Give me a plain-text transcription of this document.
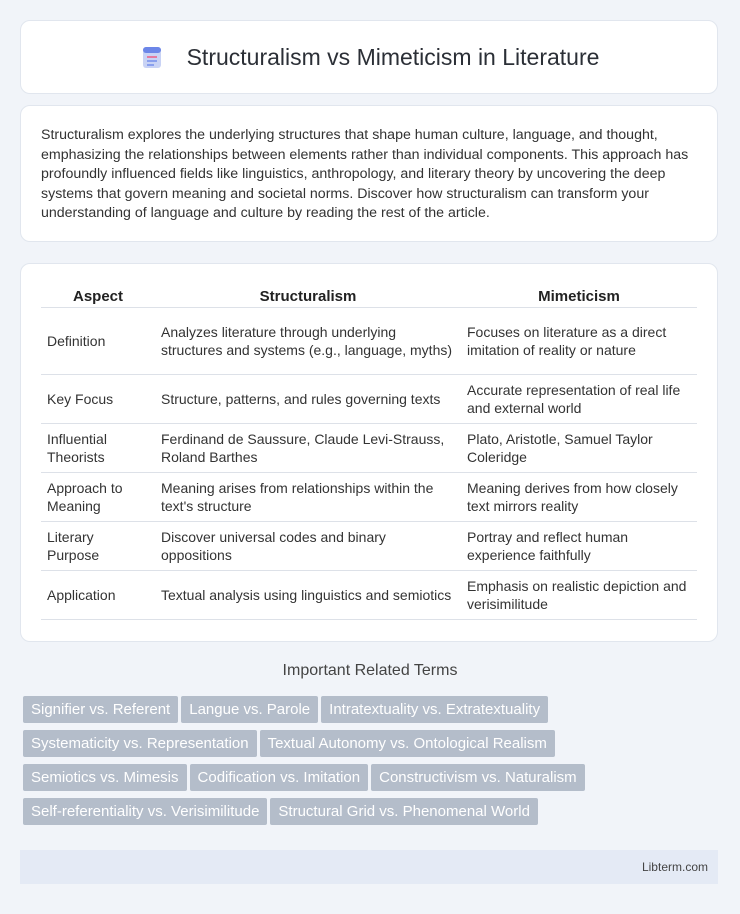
Structuralism vs Mimeticism in Literature

Structuralism explores the underlying structures that shape human culture, language, and thought, emphasizing the relationships between elements rather than individual components. This approach has profoundly influenced fields like linguistics, anthropology, and literary theory by uncovering the deep systems that govern meaning and societal norms. Discover how structuralism can transform your understanding of language and culture by reading the rest of the article.

Aspect	Structuralism	Mimeticism
Definition	Analyzes literature through underlying structures and systems (e.g., language, myths)	Focuses on literature as a direct imitation of reality or nature
Key Focus	Structure, patterns, and rules governing texts	Accurate representation of real life and external world
Influential Theorists	Ferdinand de Saussure, Claude Levi-Strauss, Roland Barthes	Plato, Aristotle, Samuel Taylor Coleridge
Approach to Meaning	Meaning arises from relationships within the text's structure	Meaning derives from how closely text mirrors reality
Literary Purpose	Discover universal codes and binary oppositions	Portray and reflect human experience faithfully
Application	Textual analysis using linguistics and semiotics	Emphasis on realistic depiction and verisimilitude
Important Related Terms
Signifier vs. Referent Langue vs. Parole Intratextuality vs. Extratextuality
Systematicity vs. Representation Textual Autonomy vs. Ontological Realism
Semiotics vs. Mimesis Codification vs. Imitation Constructivism vs. Naturalism
Self-referentiality vs. Verisimilitude Structural Grid vs. Phenomenal World
Libterm.com
